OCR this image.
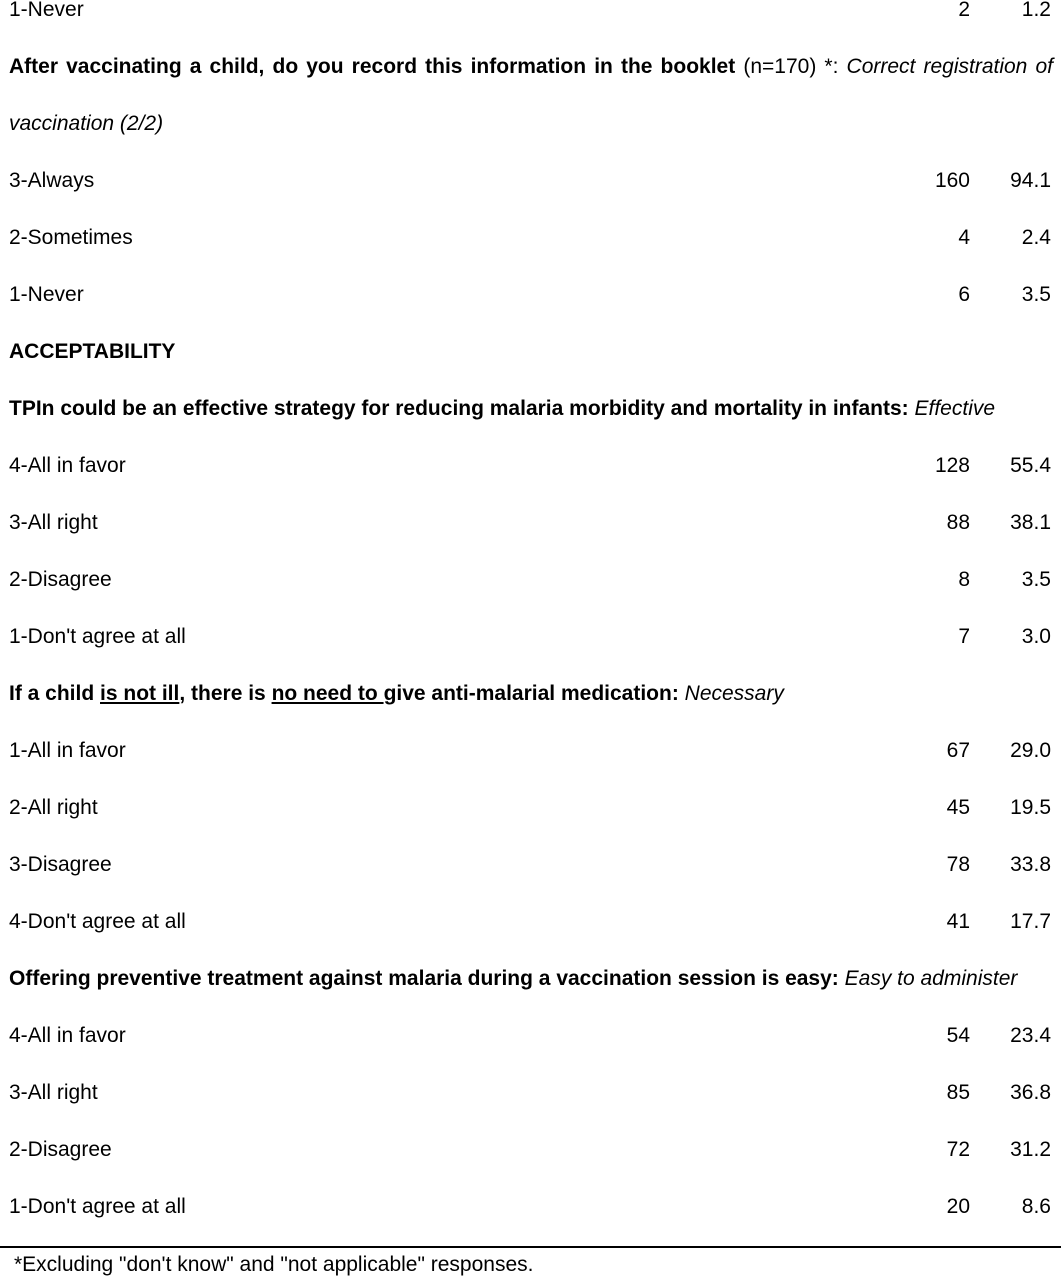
1-Never	2 1.2
After vaccinating a child, do you record this information in the booklet (n=170) *: Correct registration of
vaccination (2/2)
3-Always	160 94.1
2-Sometimes	4 2.4
1-Never	6 3.5
ACCEPTABILITY
TPIn could be an effective strategy for reducing malaria morbidity and mortality in infants: Effective
4-All in favor	128 55.4
3-All right	88 38.1
2-Disagree	8 3.5
1-Don't agree at all	7 3.0
If a child is not ill, there is no need to give anti-malarial medication: Necessary
1-All in favor	67 29.0
2-All right	45 19.5
3-Disagree	78 33.8
4-Don't agree at all	41 17.7
Offering preventive treatment against malaria during a vaccination session is easy: Easy to administer
4-All in favor	54 23.4
3-All right	85 36.8
2-Disagree	72 31.2
1-Don't agree at all	20 8.6
*Excluding "don't know" and "not applicable" responses.
